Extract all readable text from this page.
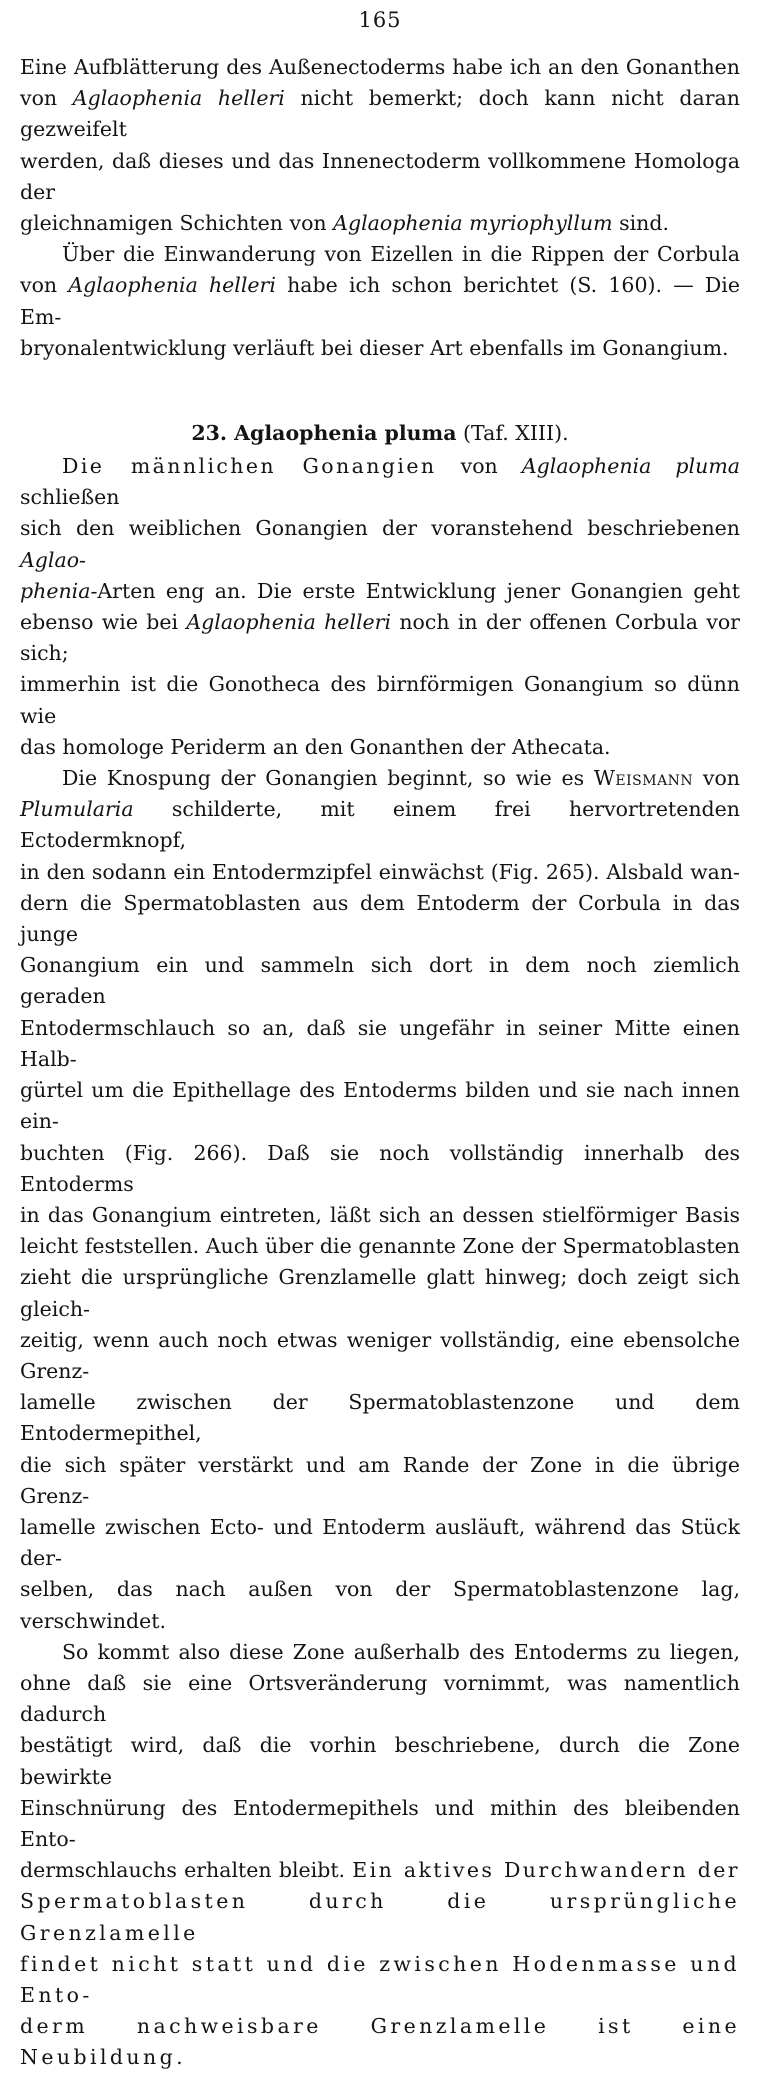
165

Eine Aufblätterung des Außenectoderms habe ich an den Gonanthen

von Aglaophenia helleri nicht bemerkt; doch kann nicht daran gezweifelt

werden, daß dieses und das Innenectoderm vollkommene Homologa der

gleichnamigen Schichten von Aglaophenia myriophyllum sind.

Über die Einwanderung von Eizellen in die Rippen der Corbula

von Aglaophenia helleri habe ich schon berichtet (S. 160). — Die Em-

bryonalentwicklung verläuft bei dieser Art ebenfalls im Gonangium.

23. Aglaophenia pluma (Taf. XIII).

Die männlichen Gonangien von Aglaophenia pluma schließen

sich den weiblichen Gonangien der voranstehend beschriebenen Aglao-

phenia-Arten eng an. Die erste Entwicklung jener Gonangien geht

ebenso wie bei Aglaophenia helleri noch in der offenen Corbula vor sich;

immerhin ist die Gonotheca des birnförmigen Gonangium so dünn wie

das homologe Periderm an den Gonanthen der Athecata.

Die Knospung der Gonangien beginnt, so wie es Weismann von

Plumularia schilderte, mit einem frei hervortretenden Ectodermknopf,

in den sodann ein Entodermzipfel einwächst (Fig. 265). Alsbald wan-

dern die Spermatoblasten aus dem Entoderm der Corbula in das junge

Gonangium ein und sammeln sich dort in dem noch ziemlich geraden

Entodermschlauch so an, daß sie ungefähr in seiner Mitte einen Halb-

gürtel um die Epithellage des Entoderms bilden und sie nach innen ein-

buchten (Fig. 266). Daß sie noch vollständig innerhalb des Entoderms

in das Gonangium eintreten, läßt sich an dessen stielförmiger Basis

leicht feststellen. Auch über die genannte Zone der Spermatoblasten

zieht die ursprüngliche Grenzlamelle glatt hinweg; doch zeigt sich gleich-

zeitig, wenn auch noch etwas weniger vollständig, eine ebensolche Grenz-

lamelle zwischen der Spermatoblastenzone und dem Entodermepithel,

die sich später verstärkt und am Rande der Zone in die übrige Grenz-

lamelle zwischen Ecto- und Entoderm ausläuft, während das Stück der-

selben, das nach außen von der Spermatoblastenzone lag, verschwindet.

So kommt also diese Zone außerhalb des Entoderms zu liegen,

ohne daß sie eine Ortsveränderung vornimmt, was namentlich dadurch

bestätigt wird, daß die vorhin beschriebene, durch die Zone bewirkte

Einschnürung des Entodermepithels und mithin des bleibenden Ento-

dermschlauchs erhalten bleibt. Ein aktives Durchwandern der

Spermatoblasten durch die ursprüngliche Grenzlamelle

findet nicht statt und die zwischen Hodenmasse und Ento-

derm nachweisbare Grenzlamelle ist eine Neubildung.
